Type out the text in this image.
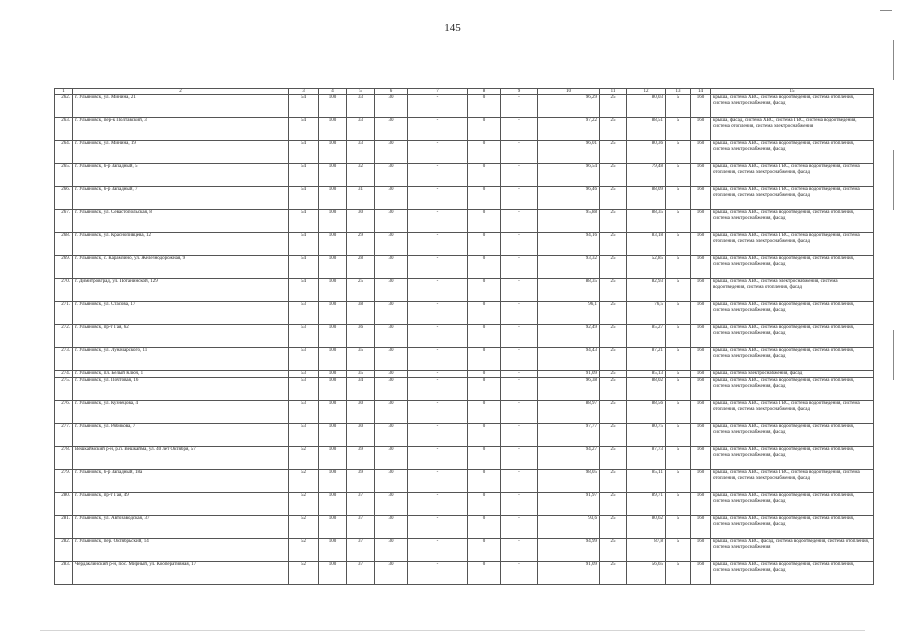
145
1	2	3	4	5	6	7	8	9	10	11	12	13	14	15
262.	г. Ульяновск, ул. Минина, 21	54	100	33	30	-	0	-	96,29	25	80,03	5	160	крыша, система ХВС, система водоотведения, система отопления, система электроснабжения, фасад
263.	г. Ульяновск, пер-к Полтавский, 3	54	100	33	30	-	0	-	97,22	25	88,51	5	160	крыша, фасад, система ХВС, система ГВС, система водоотведения, система отопления, система электроснабжения
264.	г. Ульяновск, ул. Минина, 19	54	100	33	30	-	0	-	96,01	25	80,36	5	160	крыша, система ХВС, система водоотведения, система отопления, система электроснабжения, фасад
265.	г. Ульяновск, б-р Западный, 5	54	100	32	30	-	0	-	96,54	25	79,48	5	160	крыша, система ХВС, система ГВС, система водоотведения, система отопления, система электроснабжения, фасад
266.	г. Ульяновск, б-р Западный, 7	54	100	31	30	-	0	-	96,46	25	88,09	5	160	крыша, система ХВС, система ГВС, система водоотведения, система отопления, система электроснабжения, фасад
267.	г. Ульяновск, ул. Севастопольская, 8	54	100	30	30	-	0	-	95,88	25	88,35	5	160	крыша, система ХВС, система водоотведения, система отопления, система электроснабжения, фасад
268.	г. Ульяновск, ул. Краснопивцева, 12	54	100	29	30	-	0	-	94,16	25	83,18	5	160	крыша, система ХВС, система ГВС, система водоотведения, система отопления, система электроснабжения, фасад
269.	г. Ульяновск, с. Карамзино, ул. Железнодорожная, 9	54	100	28	30	-	0	-	93,32	25	52,85	5	160	крыша, система ХВС, система водоотведения, система отопления, система электроснабжения, фасад
270.	г. Димитровград, ул. Потанинской, 129	54	100	25	30	-	0	-	88,35	25	82,93	5	160	крыша, система ХВС, система электроснабжения, система водоотведения, система отопления, фасад
271.	г. Ульяновск, ул. Стасова, 17	53	100	38	30	-	0	-	96,1	25	76,5	5	160	крыша, система ХВС, система водоотведения, система отопления, система электроснабжения, фасад
272.	г. Ульяновск, пр-т Гая, 62	53	100	36	30	-	0	-	92,49	25	85,27	5	160	крыша, система ХВС, система водоотведения, система отопления, система электроснабжения, фасад
273.	г. Ульяновск, ул. Луначарского, 11	53	100	35	30	-	0	-	94,43	25	87,21	5	160	крыша, система ХВС, система водоотведения, система отопления, система электроснабжения, фасад
274.	г. Ульяновск, пл. Белый Ключ, 1	53	100	35	30	-	0	-	91,09	25	85,13	5	160	крыша, система электроснабжения, фасад
275.	г. Ульяновск, ул. Почтовая, 16	53	100	34	30	-	0	-	96,38	25	88,02	5	160	крыша, система ХВС, система водоотведения, система отопления, система электроснабжения, фасад
276.	г. Ульяновск, ул. Кузнецова, 4	53	100	30	30	-	0	-	88,97	25	88,56	5	160	крыша, система ХВС, система ГВС, система водоотведения, система отопления, система электроснабжения, фасад
277.	г. Ульяновск, ул. Рябикова, 7	53	100	30	30	-	0	-	97,77	25	80,75	5	160	крыша, система ХВС, система водоотведения, система отопления, система электроснабжения, фасад
278.	Вешкаймский р-н, р.п. Вешкайма, ул. 40 лет Октября, 57	52	100	39	30	-	0	-	94,27	25	87,73	5	160	крыша, система ХВС, система водоотведения, система отопления, система электроснабжения, фасад
279.	г. Ульяновск, б-р Западный, 18а	52	100	39	30	-	0	-	98,05	25	85,11	5	160	крыша, система ХВС, система ГВС, система водоотведения, система отопления, система электроснабжения, фасад
280.	г. Ульяновск, пр-т Гая, 49	52	100	37	30	-	0	-	91,97	25	89,71	5	160	крыша, система ХВС, система водоотведения, система отопления, система электроснабжения, фасад
281.	г. Ульяновск, ул. Автозаводская, 37	52	100	37	30	-	0	-	93,6	25	80,62	5	160	крыша, система ХВС, система водоотведения, система отопления, система электроснабжения, фасад
282.	г. Ульяновск, пер. Октябрьский, 14	52	100	37	30	-	0	-	94,99	25	87,8	5	160	крыша, система ХВС, фасад, система водоотведения, система отопления, система электроснабжения
283.	Чердаклинский р-н, пос. Мирный, ул. Кооперативная, 17	52	100	37	30	-	0	-	91,09	25	56,65	5	160	крыша, система ХВС, система водоотведения, система отопления, система электроснабжения, фасад
